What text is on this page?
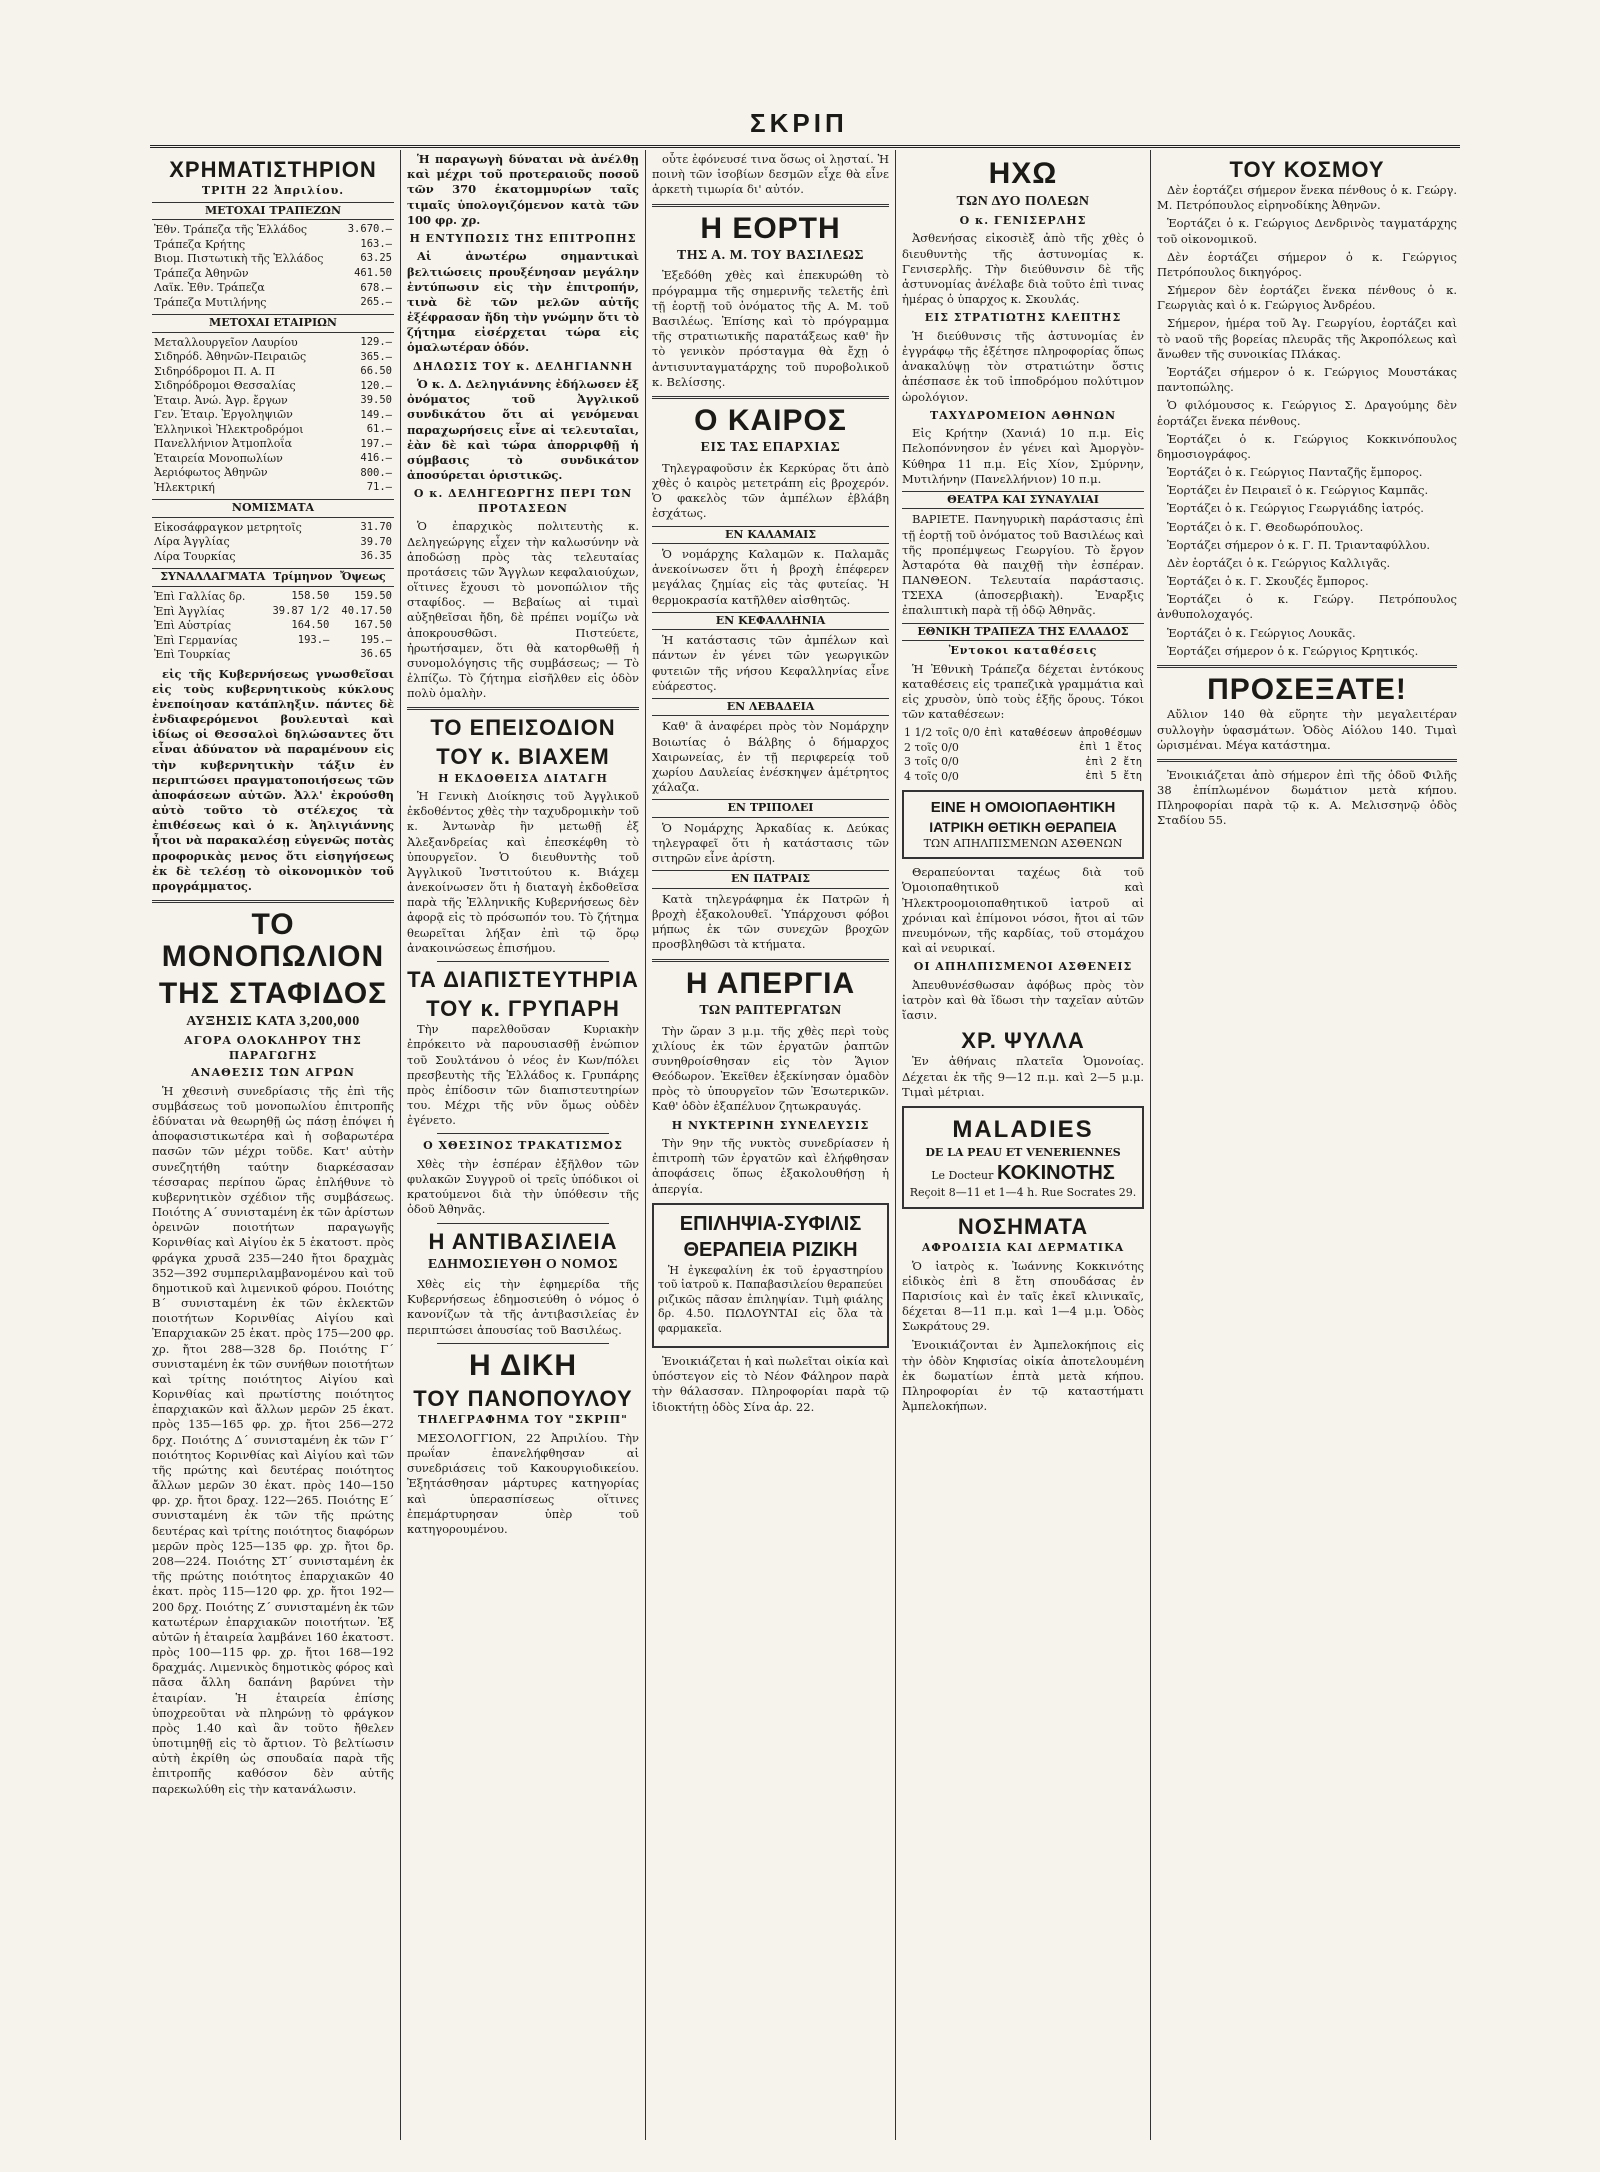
ΣΚΡΙΠ
ΧΡΗΜΑΤΙΣΤΗΡΙΟΝ
ΤΡΙΤΗ 22 Ἀπριλίου.
ΜΕΤΟΧΑΙ ΤΡΑΠΕΖΩΝ
Ἐθν. Τράπεζα τῆς Ἑλλάδος	3.670.—
Τράπεζα Κρήτης	163.—
Βιομ. Πιστωτικὴ τῆς Ἑλλάδος	63.25
Τράπεζα Ἀθηνῶν	461.50
Λαϊκ. Ἐθν. Τράπεζα	678.—
Τράπεζα Μυτιλήνης	265.—
ΜΕΤΟΧΑΙ ΕΤΑΙΡΙΩΝ
Μεταλλουργεῖον Λαυρίου	129.—
Σιδηρόδ. Ἀθηνῶν-Πειραιῶς	365.—
Σιδηρόδρομοι Π. Α. Π	66.50
Σιδηρόδρομοι Θεσσαλίας	120.—
Ἑταιρ. Ἀνώ. Ἀγρ. ἔργων	39.50
Γεν. Ἑταιρ. Ἐργοληψιῶν	149.—
Ἑλληνικοὶ Ἠλεκτροδρόμοι	61.—
Πανελλήνιον Ἀτμοπλοΐα	197.—
Ἑταιρεία Μονοπωλίων	416.—
Ἀεριόφωτος Ἀθηνῶν	800.—
Ἠλεκτρική	71.—
ΝΟΜΙΣΜΑΤΑ
Εἰκοσάφραγκον μετρητοῖς	31.70
Λίρα Ἀγγλίας	39.70
Λίρα Τουρκίας	36.35
ΣΥΝΑΛΛΑΓΜΑΤΑ Τρίμηνον Ὄψεως
Ἐπὶ Γαλλίας δρ.	158.50	159.50
Ἐπὶ Ἀγγλίας	39.87 1/2	40.17.50
Ἐπὶ Αὐστρίας	164.50	167.50
Ἐπὶ Γερμανίας	193.—	195.—
Ἐπὶ Τουρκίας		36.65

εἰς τῆς Κυβερνήσεως γνωσθεῖσαι εἰς τοὺς κυβερνητικοὺς κύκλους ἐνεποίησαν κατάπληξιν. πάντες δὲ ἐνδιαφερόμενοι βουλευταὶ καὶ ἰδίως οἱ Θεσσαλοὶ δηλώσαντες ὅτι εἶναι ἀδύνατον νὰ παραμένουν εἰς τὴν κυβερνητικὴν τάξιν ἐν περιπτώσει πραγματοποιήσεως τῶν ἀποφάσεων αὐτῶν. Ἀλλ' ἐκρούσθη αὐτὸ τοῦτο τὸ στέλεχος τὰ ἐπιθέσεως καὶ ὁ κ. Ἀηλιγιάννης ἦτοι νὰ παρακαλέσῃ εὐγενῶς ποτὰς προφορικὰς μενος ὅτι εἰσηγήσεως ἐκ δὲ τελέσῃ τὸ οἰκονομικὸν τοῦ προγράμματος.

ΤΟ ΜΟΝΟΠΩΛΙΟΝ
ΤΗΣ ΣΤΑΦΙΔΟΣ
ΑΥΞΗΣΙΣ ΚΑΤΑ 3,200,000
ΑΓΟΡΑ ΟΛΟΚΛΗΡΟΥ ΤΗΣ ΠΑΡΑΓΩΓΗΣ
ΑΝΑΘΕΣΙΣ ΤΩΝ ΑΓΡΩΝ

Ἡ χθεσινὴ συνεδρίασις τῆς ἐπὶ τῆς συμβάσεως τοῦ μονοπωλίου ἐπιτροπῆς ἐδύναται νὰ θεωρηθῇ ὡς πάσῃ ἐπόψει ἡ ἀποφασιστικωτέρα καὶ ἡ σοβαρωτέρα πασῶν τῶν μέχρι τοῦδε. Κατ' αὐτὴν συνεζητήθη ταύτην διαρκέσασαν τέσσαρας περίπου ὥρας ἐπλήθυνε τὸ κυβερνητικὸν σχέδιον τῆς συμβάσεως. Ποιότης Α΄ συνισταμένη ἐκ τῶν ἀρίστων ὀρεινῶν ποιοτήτων παραγωγῆς Κορινθίας καὶ Αἰγίου ἐκ 5 ἑκατοστ. πρὸς φράγκα χρυσᾶ 235—240 ἤτοι δραχμὰς 352—392 συμπεριλαμβανομένου καὶ τοῦ δημοτικοῦ καὶ λιμενικοῦ φόρου. Ποιότης Β΄ συνισταμένη ἐκ τῶν ἐκλεκτῶν ποιοτήτων Κορινθίας Αἰγίου καὶ Ἐπαρχιακῶν 25 ἑκατ. πρὸς 175—200 φρ. χρ. ἤτοι 288—328 δρ. Ποιότης Γ΄ συνισταμένη ἐκ τῶν συνήθων ποιοτήτων καὶ τρίτης ποιότητος Αἰγίου καὶ Κορινθίας καὶ πρωτίστης ποιότητος ἐπαρχιακῶν καὶ ἄλλων μερῶν 25 ἑκατ. πρὸς 135—165 φρ. χρ. ἤτοι 256—272 δρχ. Ποιότης Δ΄ συνισταμένη ἐκ τῶν Γ΄ ποιότητος Κορινθίας καὶ Αἰγίου καὶ τῶν τῆς πρώτης καὶ δευτέρας ποιότητος ἄλλων μερῶν 30 ἑκατ. πρὸς 140—150 φρ. χρ. ἤτοι δραχ. 122—265. Ποιότης Ε΄ συνισταμένη ἐκ τῶν τῆς πρώτης δευτέρας καὶ τρίτης ποιότητος διαφόρων μερῶν πρὸς 125—135 φρ. χρ. ἤτοι δρ. 208—224. Ποιότης ΣΤ΄ συνισταμένη ἐκ τῆς πρώτης ποιότητος ἐπαρχιακῶν 40 ἑκατ. πρὸς 115—120 φρ. χρ. ἤτοι 192—200 δρχ. Ποιότης Ζ΄ συνισταμένη ἐκ τῶν κατωτέρων ἐπαρχιακῶν ποιοτήτων. Ἐξ αὐτῶν ἡ ἑταιρεία λαμβάνει 160 ἑκατοστ. πρὸς 100—115 φρ. χρ. ἤτοι 168—192 δραχμάς. Λιμενικὸς δημοτικὸς φόρος καὶ πᾶσα ἄλλη δαπάνη βαρύνει τὴν ἑταιρίαν. Ἡ ἑταιρεία ἐπίσης ὑποχρεοῦται νὰ πληρώνῃ τὸ φράγκον πρὸς 1.40 καὶ ἂν τοῦτο ἤθελεν ὑποτιμηθῇ εἰς τὸ ἄρτιον. Τὸ βελτίωσιν αὐτὴ ἐκρίθη ὡς σπουδαία παρὰ τῆς ἐπιτροπῆς καθόσον δὲν αὐτῆς παρεκωλύθη εἰς τὴν κατανάλωσιν.

Ἡ παραγωγὴ δύναται νὰ ἀνέλθῃ καὶ μέχρι τοῦ προτεραιοῦς ποσοῦ τῶν 370 ἑκατομμυρίων ταῖς τιμαῖς ὑπολογιζόμενον κατὰ τῶν 100 φρ. χρ.

Η ΕΝΤΥΠΩΣΙΣ ΤΗΣ ΕΠΙΤΡΟΠΗΣ

Αἱ ἀνωτέρω σημαντικαὶ βελτιώσεις προυξένησαν μεγάλην ἐντύπωσιν εἰς τὴν ἐπιτροπήν, τινὰ δὲ τῶν μελῶν αὐτῆς ἐξέφρασαν ἤδη τὴν γνώμην ὅτι τὸ ζήτημα εἰσέρχεται τώρα εἰς ὁμαλωτέραν ὁδόν.

ΔΗΛΩΣΙΣ ΤΟΥ κ. ΔΕΛΗΓΙΑΝΝΗ

Ὁ κ. Δ. Δεληγιάννης ἐδήλωσεν ἐξ ὀνόματος τοῦ Ἀγγλικοῦ συνδικάτου ὅτι αἱ γενόμεναι παραχωρήσεις εἶνε αἱ τελευταῖαι, ἐὰν δὲ καὶ τώρα ἀπορριφθῇ ἡ σύμβασις τὸ συνδικάτον ἀποσύρεται ὁριστικῶς.

Ο κ. ΔΕΛΗΓΕΩΡΓΗΣ ΠΕΡΙ ΤΩΝ ΠΡΟΤΑΣΕΩΝ

Ὁ ἐπαρχικὸς πολιτευτὴς κ. Δεληγεώργης εἶχεν τὴν καλωσύνην νὰ ἀποδώσῃ πρὸς τὰς τελευταίας προτάσεις τῶν Ἄγγλων κεφαλαιούχων, οἵτινες ἔχουσι τὸ μονοπώλιον τῆς σταφίδος. — Βεβαίως αἱ τιμαὶ αὐξηθεῖσαι ἤδη, δὲ πρέπει νομίζω νὰ ἀποκρουσθῶσι. Πιστεύετε, ἠρωτήσαμεν, ὅτι θὰ κατορθωθῇ ἡ συνομολόγησις τῆς συμβάσεως; — Τὸ ἐλπίζω. Τὸ ζήτημα εἰσῆλθεν εἰς ὁδὸν πολὺ ὁμαλὴν.

ΤΟ ΕΠΕΙΣΟΔΙΟΝ
ΤΟΥ κ. ΒΙΑΧΕΜ
Η ΕΚΔΟΘΕΙΣΑ ΔΙΑΤΑΓΗ

Ἡ Γενικὴ Διοίκησις τοῦ Ἀγγλικοῦ ἐκδοθέντος χθὲς τὴν ταχυδρομικὴν τοῦ κ. Ἀντωνὰρ ἣν μετωθῇ ἐξ Ἀλεξανδρείας καὶ ἐπεσκέφθη τὸ ὑπουργεῖον. Ὁ διευθυντὴς τοῦ Ἀγγλικοῦ Ἰνστιτούτου κ. Βιάχεμ ἀνεκοίνωσεν ὅτι ἡ διαταγὴ ἐκδοθεῖσα παρὰ τῆς Ἑλληνικῆς Κυβερνήσεως δὲν ἀφορᾷ εἰς τὸ πρόσωπόν του. Τὸ ζήτημα θεωρεῖται λήξαν ἐπὶ τῷ ὅρῳ ἀνακοινώσεως ἐπισήμου.

ΤΑ ΔΙΑΠΙΣΤΕΥΤΗΡΙΑ
ΤΟΥ κ. ΓΡΥΠΑΡΗ

Τὴν παρελθοῦσαν Κυριακὴν ἐπρόκειτο νὰ παρουσιασθῇ ἐνώπιον τοῦ Σουλτάνου ὁ νέος ἐν Κων/πόλει πρεσβευτὴς τῆς Ἑλλάδος κ. Γρυπάρης πρὸς ἐπίδοσιν τῶν διαπιστευτηρίων του. Μέχρι τῆς νῦν ὅμως οὐδὲν ἐγένετο.

Ο ΧΘΕΣΙΝΟΣ ΤΡΑΚΑΤΙΣΜΟΣ

Χθὲς τὴν ἑσπέραν ἐξῆλθον τῶν φυλακῶν Συγγροῦ οἱ τρεῖς ὑπόδικοι οἱ κρατούμενοι διὰ τὴν ὑπόθεσιν τῆς ὁδοῦ Ἀθηνᾶς.

Η ΑΝΤΙΒΑΣΙΛΕΙΑ
ΕΔΗΜΟΣΙΕΥΘΗ Ο ΝΟΜΟΣ

Χθὲς εἰς τὴν ἐφημερίδα τῆς Κυβερνήσεως ἐδημοσιεύθη ὁ νόμος ὁ κανονίζων τὰ τῆς ἀντιβασιλείας ἐν περιπτώσει ἀπουσίας τοῦ Βασιλέως.

Η ΔΙΚΗ
ΤΟΥ ΠΑΝΟΠΟΥΛΟΥ
ΤΗΛΕΓΡΑΦΗΜΑ ΤΟΥ "ΣΚΡΙΠ"

ΜΕΣΟΛΟΓΓΙΟΝ, 22 Ἀπριλίου. Τὴν πρωΐαν ἐπανελήφθησαν αἱ συνεδριάσεις τοῦ Κακουργιοδικείου. Ἐξητάσθησαν μάρτυρες κατηγορίας καὶ ὑπερασπίσεως οἵτινες ἐπεμάρτυρησαν ὑπὲρ τοῦ κατηγορουμένου.

οὗτε ἐφόνευσέ τινα ὅσως οἱ λῃσταί. Ἡ ποινὴ τῶν ἰσοβίων δεσμῶν εἶχε θὰ εἶνε ἀρκετὴ τιμωρία δι' αὐτόν.

Η ΕΟΡΤΗ
ΤΗΣ Α. Μ. ΤΟΥ ΒΑΣΙΛΕΩΣ

Ἐξεδόθη χθὲς καὶ ἐπεκυρώθη τὸ πρόγραμμα τῆς σημερινῆς τελετῆς ἐπὶ τῇ ἑορτῇ τοῦ ὀνόματος τῆς Α. Μ. τοῦ Βασιλέως. Ἐπίσης καὶ τὸ πρόγραμμα τῆς στρατιωτικῆς παρατάξεως καθ' ἣν τὸ γενικὸν πρόσταγμα θὰ ἔχῃ ὁ ἀντισυνταγματάρχης τοῦ πυροβολικοῦ κ. Βελίσσης.

Ο ΚΑΙΡΟΣ
ΕΙΣ ΤΑΣ ΕΠΑΡΧΙΑΣ

Τηλεγραφοῦσιν ἐκ Κερκύρας ὅτι ἀπὸ χθὲς ὁ καιρὸς μετετράπη εἰς βροχερόν. Ὁ φακελὸς τῶν ἀμπέλων ἐβλάβη ἐσχάτως.

ΕΝ ΚΑΛΑΜΑΙΣ

Ὁ νομάρχης Καλαμῶν κ. Παλαμᾶς ἀνεκοίνωσεν ὅτι ἡ βροχὴ ἐπέφερεν μεγάλας ζημίας εἰς τὰς φυτείας. Ἡ θερμοκρασία κατῆλθεν αἰσθητῶς.

ΕΝ ΚΕΦΑΛΛΗΝΙΑ

Ἡ κατάστασις τῶν ἀμπέλων καὶ πάντων ἐν γένει τῶν γεωργικῶν φυτειῶν τῆς νήσου Κεφαλληνίας εἶνε εὐάρεστος.

ΕΝ ΛΕΒΑΔΕΙΑ

Καθ' ἃ ἀναφέρει πρὸς τὸν Νομάρχην Βοιωτίας ὁ Βάλβης ὁ δήμαρχος Χαιρωνείας, ἐν τῇ περιφερείᾳ τοῦ χωρίου Δαυλείας ἐνέσκηψεν ἀμέτρητος χάλαζα.

ΕΝ ΤΡΙΠΟΛΕΙ

Ὁ Νομάρχης Ἀρκαδίας κ. Δεύκας τηλεγραφεῖ ὅτι ἡ κατάστασις τῶν σιτηρῶν εἶνε ἀρίστη.

ΕΝ ΠΑΤΡΑΙΣ

Κατὰ τηλεγράφημα ἐκ Πατρῶν ἡ βροχὴ ἐξακολουθεῖ. Ὑπάρχουσι φόβοι μήπως ἐκ τῶν συνεχῶν βροχῶν προσβληθῶσι τὰ κτήματα.

Η ΑΠΕΡΓΙΑ
ΤΩΝ ΡΑΠΤΕΡΓΑΤΩΝ

Τὴν ὥραν 3 μ.μ. τῆς χθὲς περὶ τοὺς χιλίους ἐκ τῶν ἐργατῶν ῥαπτῶν συνηθροίσθησαν εἰς τὸν Ἅγιον Θεόδωρον. Ἐκεῖθεν ἐξεκίνησαν ὁμαδὸν πρὸς τὸ ὑπουργεῖον τῶν Ἐσωτερικῶν. Καθ' ὁδὸν ἐξαπέλυον ζητωκραυγάς.

Η ΝΥΚΤΕΡΙΝΗ ΣΥΝΕΛΕΥΣΙΣ

Τὴν 9ην τῆς νυκτὸς συνεδρίασεν ἡ ἐπιτροπὴ τῶν ἐργατῶν καὶ ἐλήφθησαν ἀποφάσεις ὅπως ἐξακολουθήσῃ ἡ ἀπεργία.

ΕΠΙΛΗΨΙΑ-ΣΥΦΙΛΙΣ
ΘΕΡΑΠΕΙΑ ΡΙΖΙΚΗ

Ἡ ἐγκεφαλίνη ἐκ τοῦ ἐργαστηρίου τοῦ ἰατροῦ κ. Παπαβασιλείου θεραπεύει ριζικῶς πᾶσαν ἐπιληψίαν. Τιμὴ φιάλης δρ. 4.50. ΠΩΛΟΥΝΤΑΙ εἰς ὅλα τὰ φαρμακεῖα.

Ἐνοικιάζεται ἡ καὶ πωλεῖται οἰκία καὶ ὑπόστεγον εἰς τὸ Νέον Φάληρον παρὰ τὴν θάλασσαν. Πληροφορίαι παρὰ τῷ ἰδιοκτήτῃ ὁδὸς Σίνα ἀρ. 22.

ΗΧΩ
ΤΩΝ ΔΥΟ ΠΟΛΕΩΝ
Ο κ. ΓΕΝΙΣΕΡΛΗΣ

Ἀσθενήσας εἰκοσιὲξ ἀπὸ τῆς χθὲς ὁ διευθυντὴς τῆς ἀστυνομίας κ. Γενισερλῆς. Τὴν διεύθυνσιν δὲ τῆς ἀστυνομίας ἀνέλαβε διὰ τοῦτο ἐπὶ τινας ἡμέρας ὁ ὑπαρχος κ. Σκουλάς.

ΕΙΣ ΣΤΡΑΤΙΩΤΗΣ ΚΛΕΠΤΗΣ

Ἡ διεύθυνσις τῆς ἀστυνομίας ἐν ἐγγράφῳ τῆς ἐξέτησε πληροφορίας ὅπως ἀνακαλύψῃ τὸν στρατιώτην ὅστις ἀπέσπασε ἐκ τοῦ ἰπποδρόμου πολύτιμον ὡρολόγιον.

ΤΑΧΥΔΡΟΜΕΙΟΝ ΑΘΗΝΩΝ

Εἰς Κρήτην (Χανιά) 10 π.μ. Εἰς Πελοπόννησον ἐν γένει καὶ Ἀμοργὸν-Κύθηρα 11 π.μ. Εἰς Χίον, Σμύρνην, Μυτιλήνην (Πανελλήνιον) 10 π.μ.

ΘΕΑΤΡΑ ΚΑΙ ΣΥΝΑΥΛΙΑΙ

ΒΑΡΙΕΤΕ. Πανηγυρικὴ παράστασις ἐπὶ τῇ ἑορτῇ τοῦ ὀνόματος τοῦ Βασιλέως καὶ τῆς προπέμψεως Γεωργίου. Τὸ ἔργον Ἀσταρότα θὰ παιχθῇ τὴν ἑσπέραν. ΠΑΝΘΕΟΝ. Τελευταία παράστασις. ΤΣΕΧΑ (ἀποσερβιακὴ). Ἐναρξις ἐπαλιπτικὴ παρὰ τῇ ὁδῷ Ἀθηνᾶς.

ΕΘΝΙΚΗ ΤΡΑΠΕΖΑ ΤΗΣ ΕΛΛΑΔΟΣ
Ἐντοκοι καταθέσεις

Ἡ Ἐθνικὴ Τράπεζα δέχεται ἐντόκους καταθέσεις εἰς τραπεζικὰ γραμμάτια καὶ εἰς χρυσὸν, ὑπὸ τοὺς ἑξῆς ὅρους. Τόκοι τῶν καταθέσεων:

1 1/2 τοῖς 0/0	ἐπὶ καταθέσεων ἀπροθέσμων
2 τοῖς 0/0	ἐπὶ 1 ἔτος
3 τοῖς 0/0	ἐπὶ 2 ἔτη
4 τοῖς 0/0	ἐπὶ 5 ἔτη
ΕΙΝΕ Η ΟΜΟΙΟΠΑΘΗΤΙΚΗ
ΙΑΤΡΙΚΗ ΘΕΤΙΚΗ ΘΕΡΑΠΕΙΑ
ΤΩΝ ΑΠΗΛΠΙΣΜΕΝΩΝ ΑΣΘΕΝΩΝ

Θεραπεύονται ταχέως διὰ τοῦ Ὁμοιοπαθητικοῦ καὶ Ἠλεκτροομοιοπαθητικοῦ ἰατροῦ αἱ χρόνιαι καὶ ἐπίμονοι νόσοι, ἤτοι αἱ τῶν πνευμόνων, τῆς καρδίας, τοῦ στομάχου καὶ αἱ νευρικαί.

ΟΙ ΑΠΗΛΠΙΣΜΕΝΟΙ ΑΣΘΕΝΕΙΣ

Ἀπευθυνέσθωσαν ἀφόβως πρὸς τὸν ἰατρὸν καὶ θὰ ἴδωσι τὴν ταχεῖαν αὐτῶν ἴασιν.

ΧΡ. ΨΥΛΛΑ

Ἐν ἀθήναις πλατεῖα Ὁμονοίας. Δέχεται ἐκ τῆς 9—12 π.μ. καὶ 2—5 μ.μ. Τιμαὶ μέτριαι.

MALADIES
DE LA PEAU ET VENERIENNES
Le Docteur ΚΟΚΙΝΟΤΗΣ
Reçoit 8—11 et 1—4 h. Rue Socrates 29.
ΝΟΣΗΜΑΤΑ
ΑΦΡΟΔΙΣΙΑ ΚΑΙ ΔΕΡΜΑΤΙΚΑ

Ὁ ἰατρὸς κ. Ἰωάννης Κοκκινότης εἰδικὸς ἐπὶ 8 ἔτη σπουδάσας ἐν Παρισίοις καὶ ἐν ταῖς ἐκεῖ κλινικαῖς, δέχεται 8—11 π.μ. καὶ 1—4 μ.μ. Ὁδὸς Σωκράτους 29.

Ἐνοικιάζονται ἐν Ἀμπελοκήποις εἰς τὴν ὁδὸν Κηφισίας οἰκία ἀποτελουμένη ἐκ δωματίων ἑπτὰ μετὰ κήπου. Πληροφορίαι ἐν τῷ καταστήματι Ἀμπελοκήπων.

ΤΟΥ ΚΟΣΜΟΥ
Δὲν ἑορτάζει σήμερον ἕνεκα πένθους ὁ κ. Γεώργ. Μ. Πετρόπουλος εἰρηνοδίκης Ἀθηνῶν.
Ἑορτάζει ὁ κ. Γεώργιος Δενδρινὸς ταγματάρχης τοῦ οἰκονομικοῦ.
Δὲν ἑορτάζει σήμερον ὁ κ. Γεώργιος Πετρόπουλος δικηγόρος.
Σήμερον δὲν ἑορτάζει ἕνεκα πένθους ὁ κ. Γεωργιὰς καὶ ὁ κ. Γεώργιος Ἀνδρέου.
Σήμερον, ἡμέρα τοῦ Ἁγ. Γεωργίου, ἑορτάζει καὶ τὸ ναοῦ τῆς βορείας πλευρᾶς τῆς Ἀκροπόλεως καὶ ἄνωθεν τῆς συνοικίας Πλάκας.
Ἑορτάζει σήμερον ὁ κ. Γεώργιος Μουστάκας παντοπώλης.
Ὁ φιλόμουσος κ. Γεώργιος Σ. Δραγούμης δὲν ἑορτάζει ἕνεκα πένθους.
Ἑορτάζει ὁ κ. Γεώργιος Κοκκινόπουλος δημοσιογράφος.
Ἑορτάζει ὁ κ. Γεώργιος Πανταζῆς ἔμπορος.
Ἑορτάζει ἐν Πειραιεῖ ὁ κ. Γεώργιος Καμπᾶς.
Ἑορτάζει ὁ κ. Γεώργιος Γεωργιάδης ἰατρός.
Ἑορτάζει ὁ κ. Γ. Θεοδωρόπουλος.
Ἑορτάζει σήμερον ὁ κ. Γ. Π. Τριανταφύλλου.
Δὲν ἑορτάζει ὁ κ. Γεώργιος Καλλιγᾶς.
Ἑορτάζει ὁ κ. Γ. Σκουζές ἔμπορος.
Ἑορτάζει ὁ κ. Γεώργ. Πετρόπουλος ἀνθυπολοχαγός.
Ἑορτάζει ὁ κ. Γεώργιος Λουκᾶς.
Ἑορτάζει σήμερον ὁ κ. Γεώργιος Κρητικός.
ΠΡΟΣΕΞΑΤΕ!

Αὔλιον 140 θὰ εὕρητε τὴν μεγαλειτέραν συλλογὴν ὑφασμάτων. Ὁδὸς Αἰόλου 140. Τιμαὶ ὡρισμέναι. Μέγα κατάστημα.

Ἐνοικιάζεται ἀπὸ σήμερον ἐπὶ τῆς ὁδοῦ Φιλῆς 38 ἐπίπλωμένον δωμάτιον μετὰ κήπου. Πληροφορίαι παρὰ τῷ κ. Α. Μελισσηνῷ ὁδὸς Σταδίου 55.
